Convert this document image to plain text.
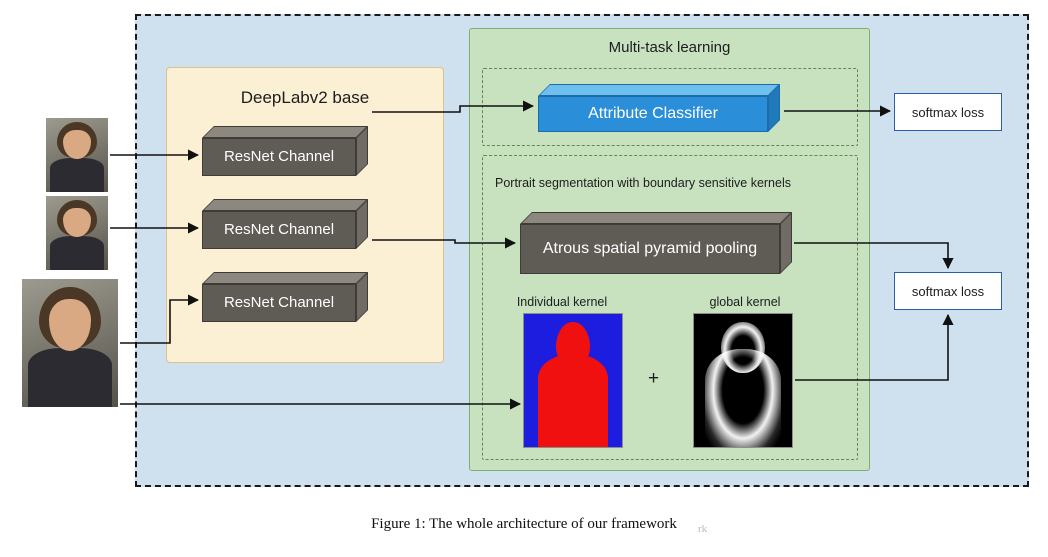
DeepLabv2 base
ResNet Channel
ResNet Channel
ResNet Channel
Multi-task learning
Portrait segmentation with boundary sensitive kernels
Attribute Classifier
Atrous spatial pyramid pooling
Individual kernel	global kernel
+
softmax loss
softmax loss
Figure 1: The whole architecture of our framework	rk
